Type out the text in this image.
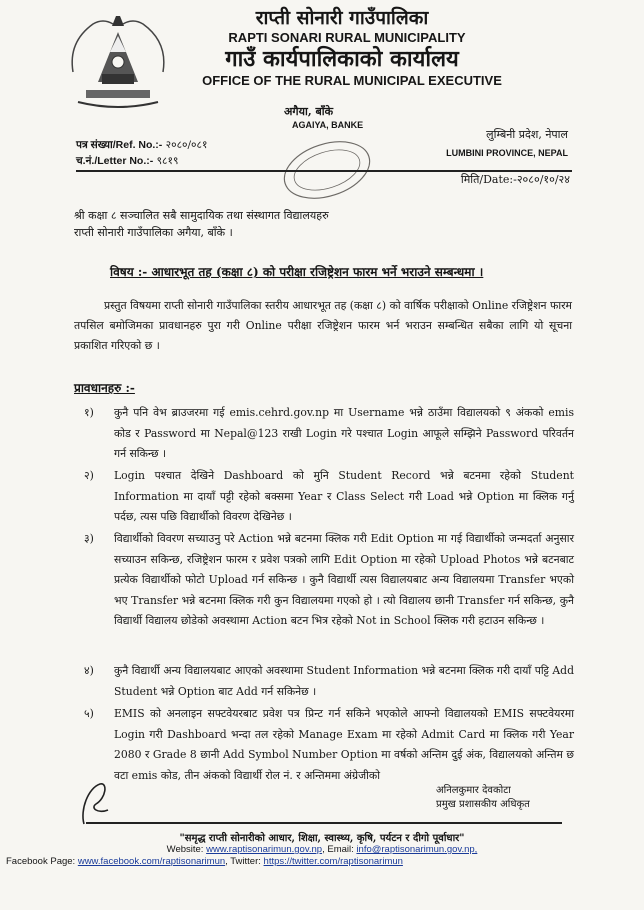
राप्ती सोनारी गाउँपालिका
RAPTI SONARI RURAL MUNICIPALITY
गाउँ कार्यपालिकाको कार्यालय
OFFICE OF THE RURAL MUNICIPAL EXECUTIVE
अगैया, बाँके
AGAIYA, BANKE
पत्र संख्या/Ref. No.:- २०८०/०८१
च.नं./Letter No.:- ९८१९
लुम्बिनी प्रदेश, नेपाल
LUMBINI PROVINCE, NEPAL
मिति/Date:-२०८०/१०/२४
श्री कक्षा ८ सञ्चालित सबै सामुदायिक तथा संस्थागत विद्यालयहरु
राप्ती सोनारी गाउँपालिका अगैया, बाँके ।
विषय :- आधारभूत तह (कक्षा ८) को परीक्षा रजिष्ट्रेशन फारम भर्ने भराउने सम्बन्धमा ।
प्रस्तुत विषयमा राप्ती सोनारी गाउँपालिका स्तरीय आधारभूत तह (कक्षा ८) को वार्षिक परीक्षाको Online रजिष्ट्रेशन फारम तपसिल बमोजिमका प्रावधानहरु पुरा गरी Online परीक्षा रजिष्ट्रेशन फारम भर्न भराउन सम्बन्धित सबैका लागि यो सूचना प्रकाशित गरिएको छ ।
प्रावधानहरु :-
१)	कुनै पनि वेभ ब्राउजरमा गई emis.cehrd.gov.np मा Username भन्ने ठाउँमा विद्यालयको ९ अंकको emis कोड र Password मा Nepal@123 राखी Login गरे पश्चात Login आफूले सम्झिने Password परिवर्तन गर्न सकिन्छ ।
२)	Login पश्चात देखिने Dashboard को मुनि Student Record भन्ने बटनमा रहेको Student Information मा दायाँ पट्टी रहेको बक्समा Year र Class Select गरी Load भन्ने Option मा क्लिक गर्नु पर्दछ, त्यस पछि विद्यार्थीको विवरण देखिनेछ ।
३)	विद्यार्थीको विवरण सच्याउनु परे Action भन्ने बटनमा क्लिक गरी Edit Option मा गई विद्यार्थीको जन्मदर्ता अनुसार सच्याउन सकिन्छ, रजिष्ट्रेशन फारम र प्रवेश पत्रको लागि Edit Option मा रहेको Upload Photos भन्ने बटनबाट प्रत्येक विद्यार्थीको फोटो Upload गर्न सकिन्छ । कुनै विद्यार्थी त्यस विद्यालयबाट अन्य विद्यालयमा Transfer भएको भए Transfer भन्ने बटनमा क्लिक गरी कुन विद्यालयमा गएको हो । त्यो विद्यालय छानी Transfer गर्न सकिन्छ, कुनै विद्यार्थी विद्यालय छोडेको अवस्थामा Action बटन भित्र रहेको Not in School क्लिक गरी हटाउन सकिन्छ ।
४)	कुनै विद्यार्थी अन्य विद्यालयबाट आएको अवस्थामा Student Information भन्ने बटनमा क्लिक गरी दायाँ पट्टि Add Student भन्ने Option बाट Add गर्न सकिनेछ ।
५)	EMIS को अनलाइन सफ्टवेयरबाट प्रवेश पत्र प्रिन्ट गर्न सकिने भएकोले आफ्नो विद्यालयको EMIS सफ्टवेयरमा Login गरी Dashboard भन्दा तल रहेको Manage Exam मा रहेको Admit Card मा क्लिक गरी Year 2080 र Grade 8 छानी Add Symbol Number Option मा वर्षको अन्तिम दुई अंक, विद्यालयको अन्तिम छ वटा emis कोड, तीन अंकको विद्यार्थी रोल नं. र अन्तिममा अंग्रेजीको
अनिलकुमार देवकोटा
प्रमुख प्रशासकीय अधिकृत
"समृद्ध राप्ती सोनारीको आधार, शिक्षा, स्वास्थ्य, कृषि, पर्यटन र दीगो पूर्वाधार"
Website: www.raptisonarimun.gov.np, Email: info@raptisonarimun.gov.np,
Facebook Page: www.facebook.com/raptisonarimun, Twitter: https://twitter.com/raptisonarimun
